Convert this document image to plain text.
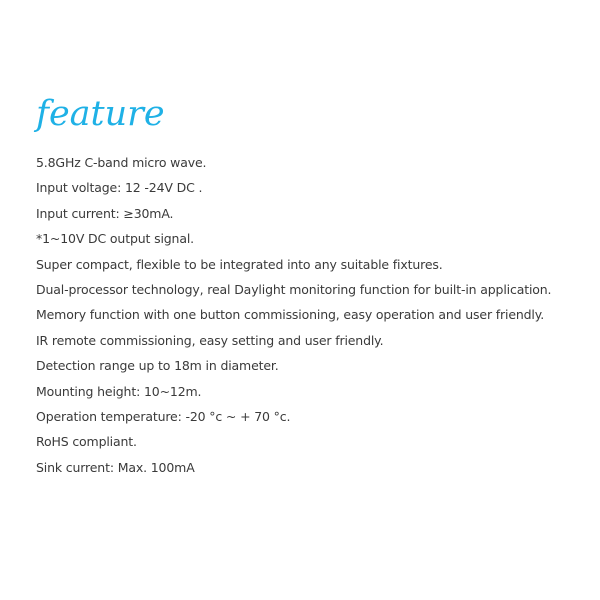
feature
5.8GHz C-band micro wave.
Input voltage: 12 -24V DC .
Input current: ≥30mA.
*1~10V DC output signal.
Super compact, flexible to be integrated into any suitable fixtures.
Dual-processor technology, real Daylight monitoring function for built-in application.
Memory function with one button commissioning, easy operation and user friendly.
IR remote commissioning, easy setting and user friendly.
Detection range up to 18m in diameter.
Mounting height: 10~12m.
Operation temperature: -20 °c ~ + 70 °c.
RoHS compliant.
Sink current: Max. 100mA
